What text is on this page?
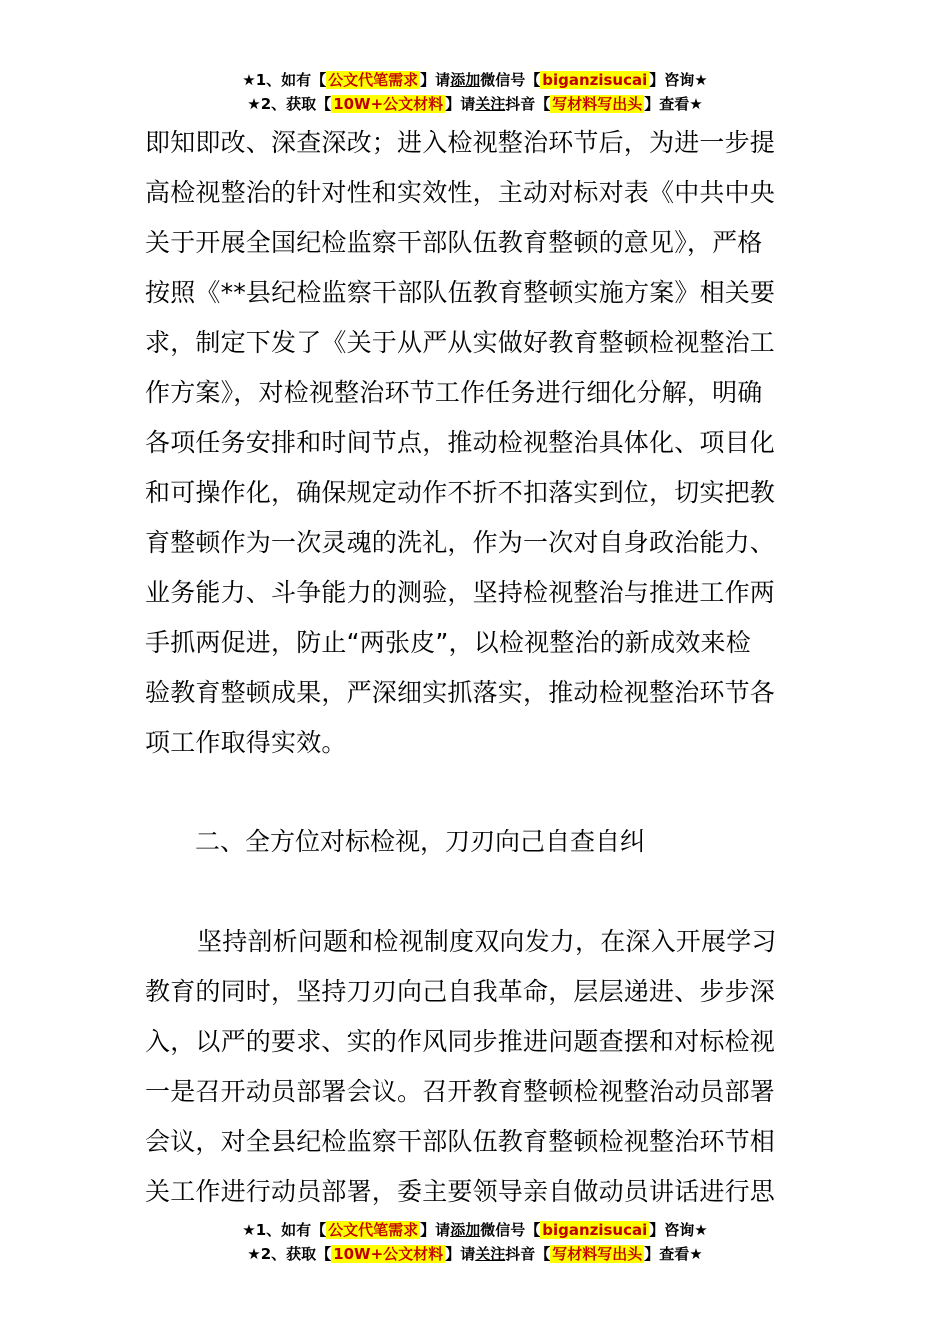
★1、如有【 公文代笔需求 】请添加微信号【 biganzisucai 】咨询★
★2、获取【 10W+公文材料 】请关注抖音【 写材料写出头 】查看★
即知即改、深查深改；进入检视整治环节后，为进一步提
高检视整治的针对性和实效性，主动对标对表《中共中央
关于开展全国纪检监察干部队伍教育整顿的意见》，严格
按照《**县纪检监察干部队伍教育整顿实施方案》相关要
求，制定下发了《关于从严从实做好教育整顿检视整治工
作方案》，对检视整治环节工作任务进行细化分解，明确
各项任务安排和时间节点，推动检视整治具体化、项目化
和可操作化，确保规定动作不折不扣落实到位，切实把教
育整顿作为一次灵魂的洗礼，作为一次对自身政治能力、
业务能力、斗争能力的测验，坚持检视整治与推进工作两
手抓两促进，防止“两张皮”，以检视整治的新成效来检
验教育整顿成果，严深细实抓落实，推动检视整治环节各
项工作取得实效。
二、全方位对标检视，刀刃向己自查自纠
坚持剖析问题和检视制度双向发力，在深入开展学习
教育的同时，坚持刀刃向己自我革命，层层递进、步步深
入，以严的要求、实的作风同步推进问题查摆和对标检视
一是召开动员部署会议。召开教育整顿检视整治动员部署
会议，对全县纪检监察干部队伍教育整顿检视整治环节相
关工作进行动员部署，委主要领导亲自做动员讲话进行思
★1、如有【 公文代笔需求 】请添加微信号【 biganzisucai 】咨询★
★2、获取【 10W+公文材料 】请关注抖音【 写材料写出头 】查看★
